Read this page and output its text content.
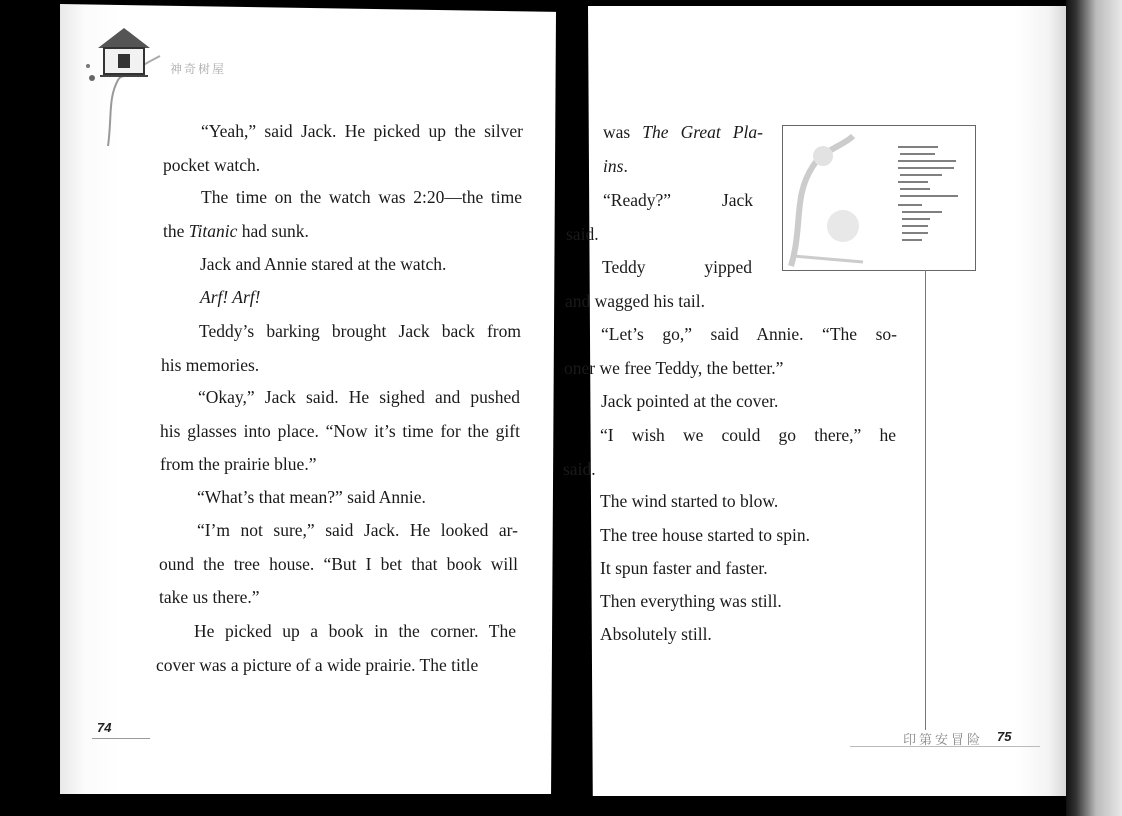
神奇树屋
“Yeah,” said Jack. He picked up the silver
pocket watch.
The time on the watch was 2:20—the time
the Titanic had sunk.
Jack and Annie stared at the watch.
Arf! Arf!
Teddy’s barking brought Jack back from
his memories.
“Okay,” Jack said. He sighed and pushed
his glasses into place. “Now it’s time for the gift
from the prairie blue.”
“What’s that mean?” said Annie.
“I’m not sure,” said Jack. He looked ar-
ound the tree house. “But I bet that book will
take us there.”
He picked up a book in the corner. The
cover was a picture of a wide prairie. The title
74
was The Great Pla-
ins.
“Ready?” Jack
said.
Teddy yipped
and wagged his tail.
“Let’s go,” said Annie. “The so-
oner we free Teddy, the better.”
Jack pointed at the cover.
“I wish we could go there,” he
said.
The wind started to blow.
The tree house started to spin.
It spun faster and faster.
Then everything was still.
Absolutely still.
印第安冒险 75
